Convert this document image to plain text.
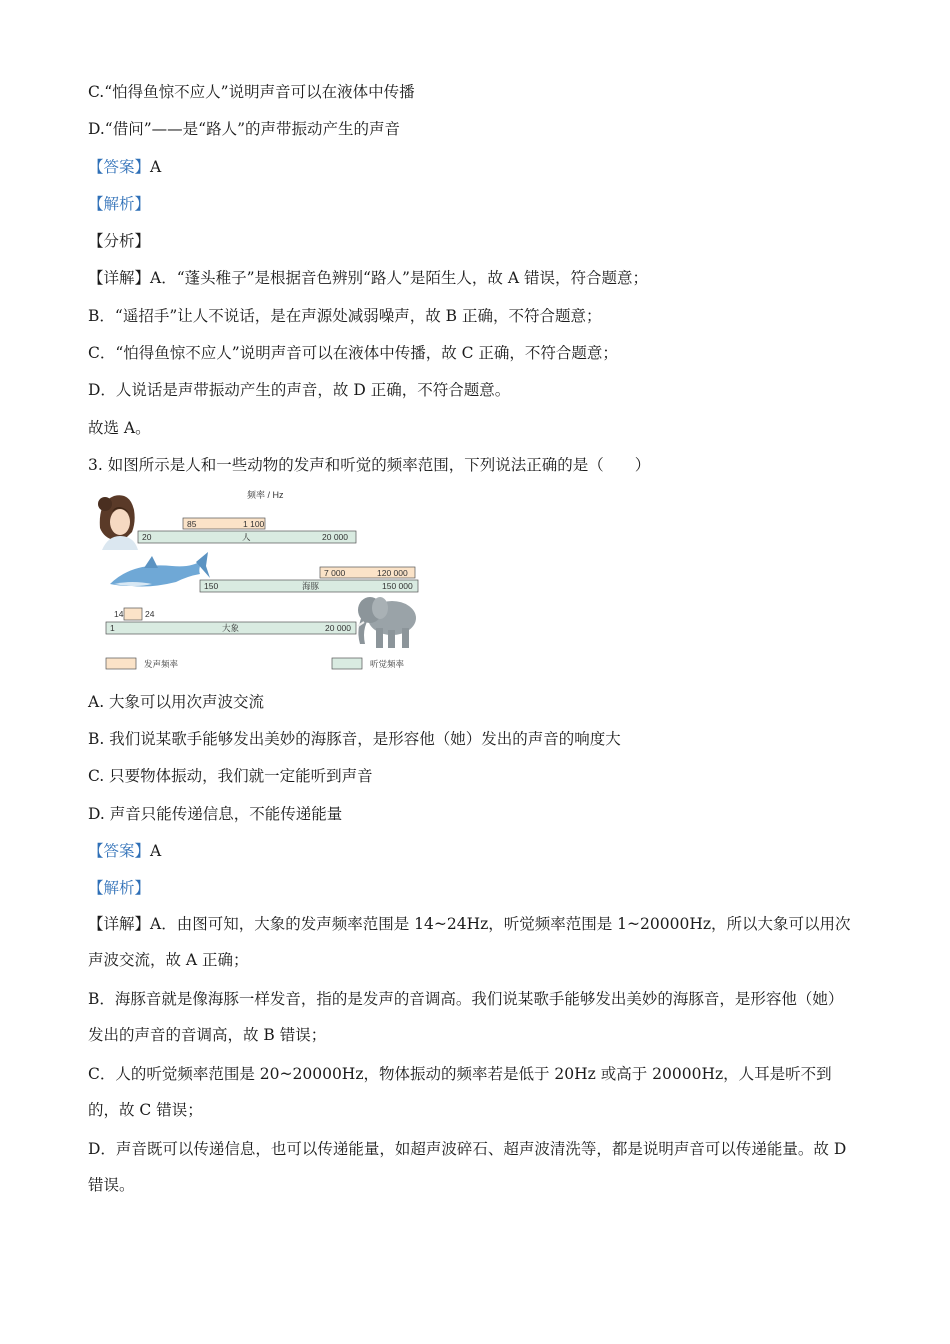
C.“怕得鱼惊不应人”说明声音可以在液体中传播
D.“借问”——是“路人”的声带振动产生的声音
【答案】A
【解析】
【分析】
【详解】A．“蓬头稚子”是根据音色辨别“路人”是陌生人，故 A 错误，符合题意；
B．“遥招手”让人不说话，是在声源处减弱噪声，故 B 正确，不符合题意；
C．“怕得鱼惊不应人”说明声音可以在液体中传播，故 C 正确，不符合题意；
D．人说话是声带振动产生的声音，故 D 正确，不符合题意。
故选 A。
3. 如图所示是人和一些动物的发声和听觉的频率范围，下列说法正确的是（　　）
频率 / Hz
85	1 100
20	人	20 000
7 000	120 000
150	海豚	150 000
14	24
1	大象	20 000
发声频率	听觉频率
A. 大象可以用次声波交流
B. 我们说某歌手能够发出美妙的海豚音，是形容他（她）发出的声音的响度大
C. 只要物体振动，我们就一定能听到声音
D. 声音只能传递信息，不能传递能量
【答案】A
【解析】
【详解】A．由图可知，大象的发声频率范围是 14~24Hz，听觉频率范围是 1~20000Hz，所以大象可以用次声波交流，故 A 正确；
B．海豚音就是像海豚一样发音，指的是发声的音调高。我们说某歌手能够发出美妙的海豚音，是形容他（她）发出的声音的音调高，故 B 错误；
C．人的听觉频率范围是 20~20000Hz，物体振动的频率若是低于 20Hz 或高于 20000Hz，人耳是听不到的，故 C 错误；
D．声音既可以传递信息，也可以传递能量，如超声波碎石、超声波清洗等，都是说明声音可以传递能量。故 D 错误。
